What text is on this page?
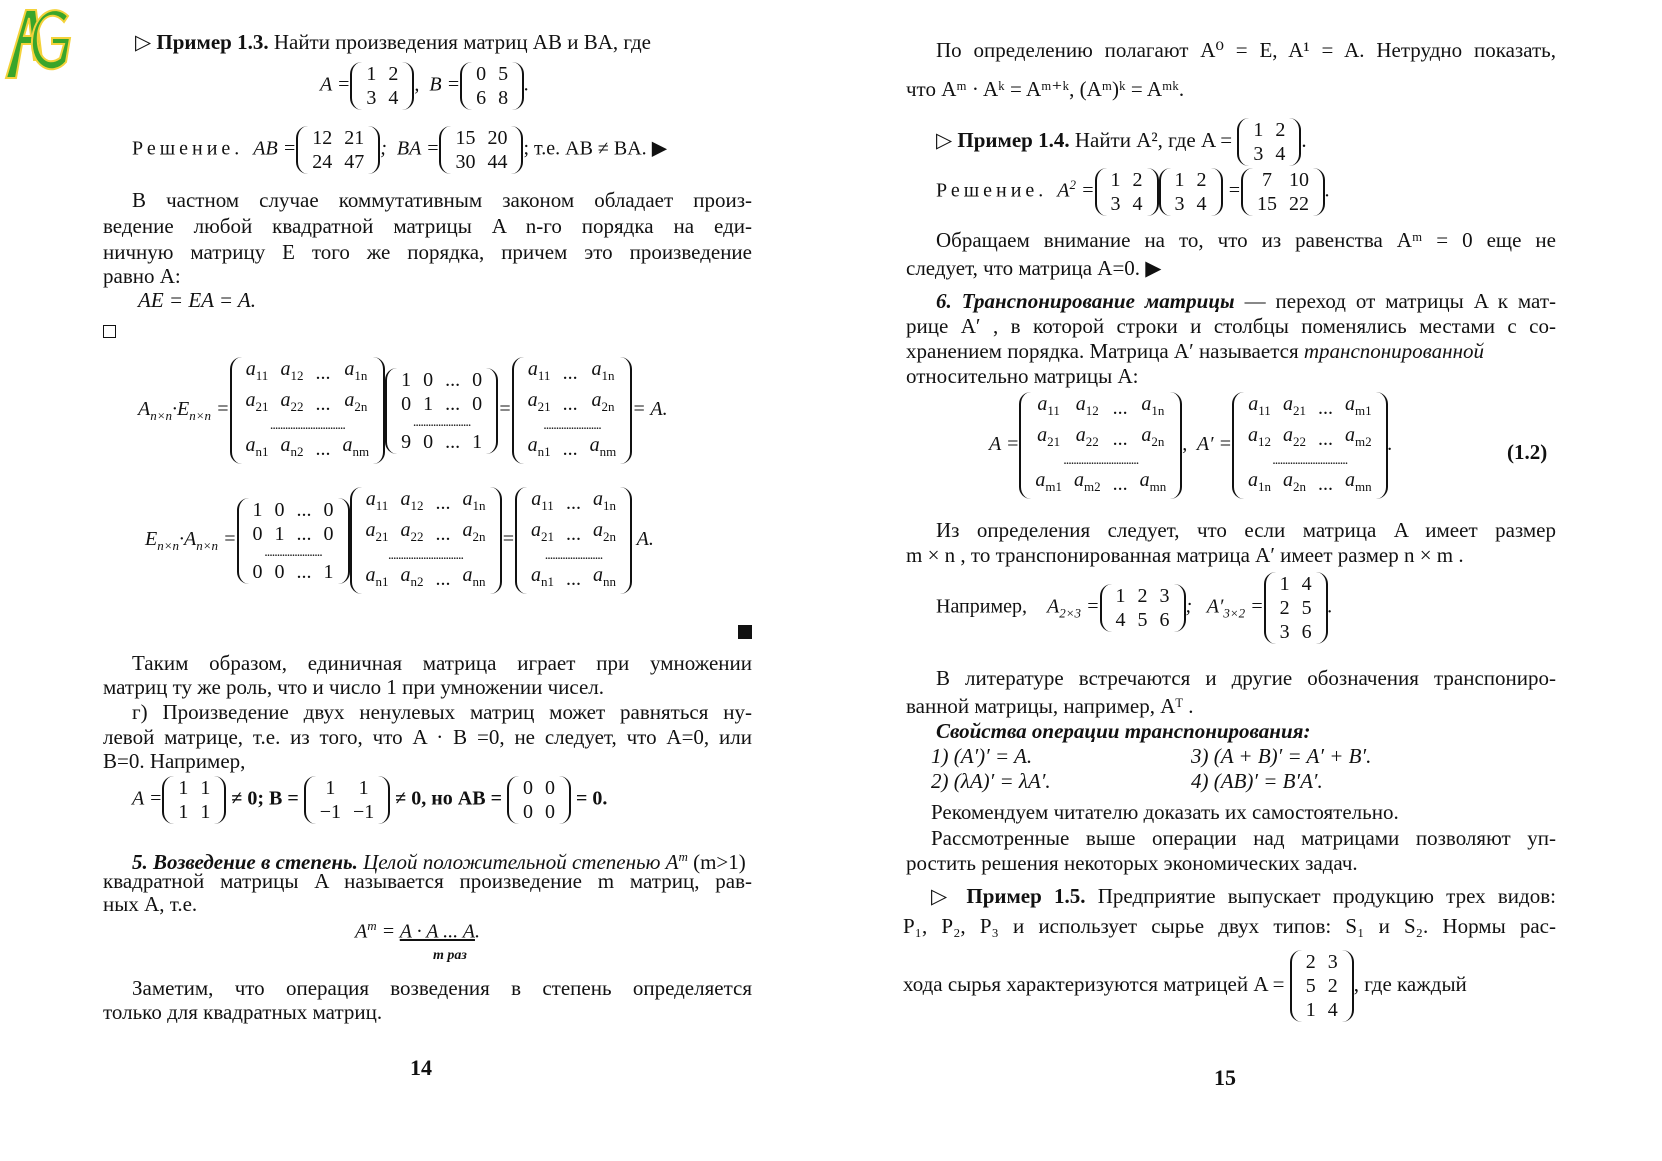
▷ Пример 1.3. Найти произведения матриц AB и BA, где
A = 1	2
3	4
,  B = 0	5
6	8
.
Решение.  AB = 12	21
24	47
;  BA = 15	20
30	44
; т.е. AB ≠ BA. ▶
В частном случае коммутативным законом обладает произ-
ведение любой квадратной матрицы A n-го порядка на еди-
ничную матрицу E того же порядка, причем это произведение
равно A:
AE = EA = A.
$A_{n\times n}\cdot E_{n\times n}$ =
$a_{11}$	$a_{12}$	...	$a_{1n}$
$a_{21}$	$a_{22}$	...	$a_{2n}$
..............................			
$a_{n1}$	$a_{n2}$	...	$a_{nm}$
1	0	...	0
0	1	...	0
.......................			
9	0	...	1
=
$a_{11}$	...	$a_{1n}$
$a_{21}$	...	$a_{2n}$
.......................		
$a_{n1}$	...	$a_{nm}$
= A.
$E_{n\times n}\cdot A_{n\times n}$ =
1	0	...	0
0	1	...	0
.......................			
0	0	...	1
$a_{11}$	$a_{12}$	...	$a_{1n}$
$a_{21}$	$a_{22}$	...	$a_{2n}$
..............................			
$a_{n1}$	$a_{n2}$	...	$a_{nn}$
=
$a_{11}$	...	$a_{1n}$
$a_{21}$	...	$a_{2n}$
.......................		
$a_{n1}$	...	$a_{nn}$
A.
Таким образом, единичная матрица играет при умножении
матриц ту же роль, что и число 1 при умножении чисел.
г) Произведение двух ненулевых матриц может равняться ну-
левой матрице, т.е. из того, что A · B =0, не следует, что A=0, или
B=0. Например,
A = 1	1
1	1
≠ 0; B = 1	1
−1	−1
≠ 0, но AB = 0	0
0	0
= 0.
5. Возведение в степень. Целой положительной степенью $A^m$ (m>1)
квадратной матрицы A называется произведение m матриц, рав-
ных A, т.е.
$A^m = A \cdot A$ ... A.
m раз
Заметим, что операция возведения в степень определяется
только для квадратных матриц.
14
По определению полагают A⁰ = E, A¹ = A. Нетрудно показать,
что Aᵐ · Aᵏ = Aᵐ⁺ᵏ, (Aᵐ)ᵏ = Aᵐᵏ.
▷ Пример 1.4. Найти A², где A = 1	2
3	4
.
Решение.  $A^2 = 1$	2
3	4
1	2
3	4
= 7	10
15	22
.
Обращаем внимание на то, что из равенства Aᵐ = 0 еще не
следует, что матрица A=0. ▶
6. Транспонирование матрицы — переход от матрицы A к мат-
рице A′ , в которой строки и столбцы поменялись местами с со-
хранением порядка. Матрица A′ называется транспонированной
относительно матрицы A:
A =
$a_{11}$	$a_{12}$	...	$a_{1n}$
$a_{21}$	$a_{22}$	...	$a_{2n}$
..............................			
$a_{m1}$	$a_{m2}$	...	$a_{mn}$
,  A′ =
$a_{11}$	$a_{21}$	...	$a_{m1}$
$a_{12}$	$a_{22}$	...	$a_{m2}$
..............................			
$a_{1n}$	$a_{2n}$	...	$a_{mn}$
.	(1.2)
Из определения следует, что если матрица A имеет размер
m × n , то транспонированная матрица A′ имеет размер n × m .
Например,    $A_{2\times 3} = 1$	2	3
4	5	6
;   $A'_{3\times 2}$ =
1	4
2	5
3	6
.
В литературе встречаются и другие обозначения транспониро-
ванной матрицы, например, Aᵀ .
Свойства операции транспонирования:
1) (A′)′ = A.	3) (A + B)′ = A′ + B′.
2) (λA)′ = λA′.	4) (AB)′ = B′A′.
Рекомендуем читателю доказать их самостоятельно.
Рассмотренные выше операции над матрицами позволяют уп-
ростить решения некоторых экономических задач.
▷ Пример 1.5. Предприятие выпускает продукцию трех видов:
P₁, P₂, P₃ и использует сырье двух типов: S₁ и S₂. Нормы рас-
хода сырья характеризуются матрицей A =
2	3
5	2
1	4
, где каждый
15
